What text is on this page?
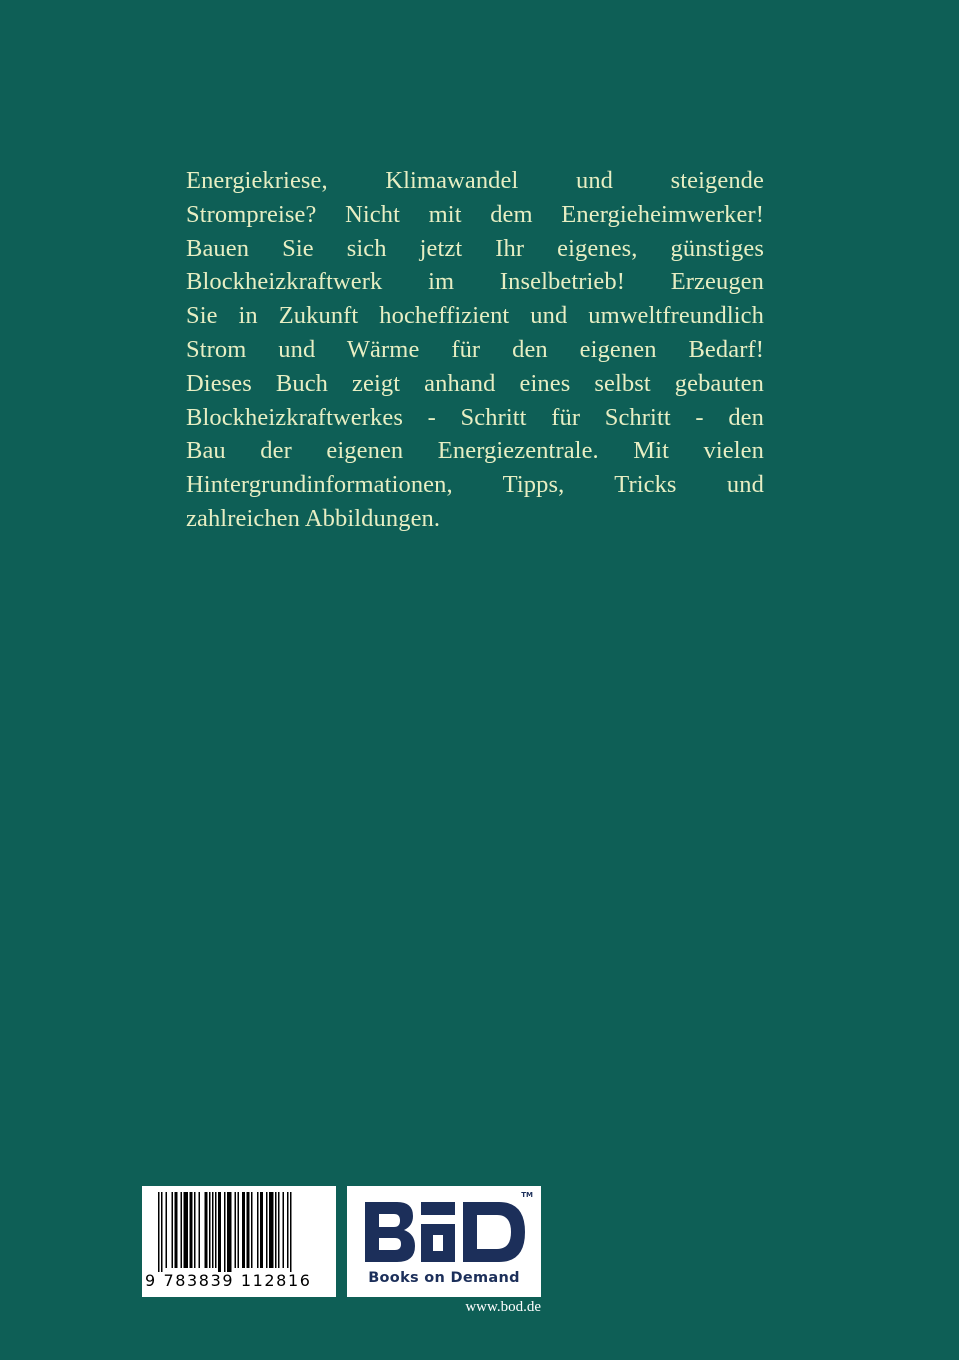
Energiekriese, Klimawandel und steigende
Strompreise? Nicht mit dem Energieheimwerker!
Bauen Sie sich jetzt Ihr eigenes, günstiges
Blockheizkraftwerk im Inselbetrieb! Erzeugen
Sie in Zukunft hocheffizient und umweltfreundlich
Strom und Wärme für den eigenen Bedarf!
Dieses Buch zeigt anhand eines selbst gebauten
Blockheizkraftwerkes - Schritt für Schritt - den
Bau der eigenen Energiezentrale. Mit vielen
Hintergrundinformationen, Tipps, Tricks und
zahlreichen Abbildungen.
9 783839 112816
TM
Books on Demand
www.bod.de
